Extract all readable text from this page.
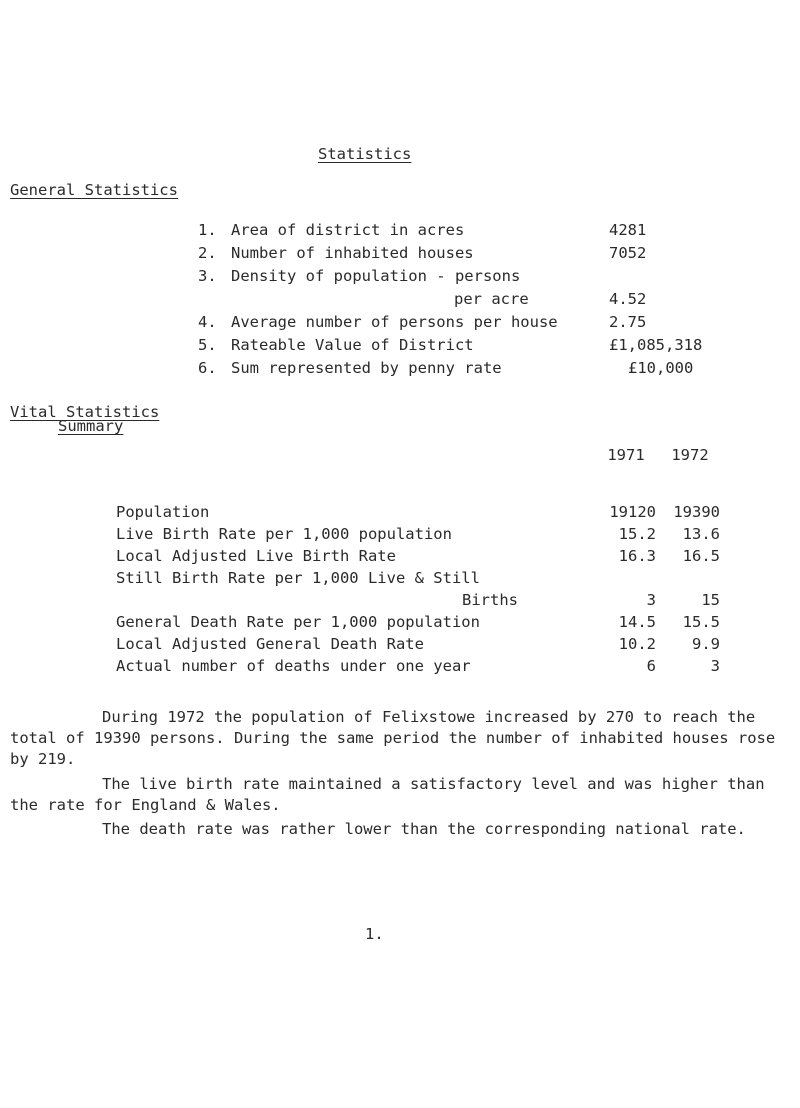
Statistics
General Statistics
1. Area of district in acres	4281
2. Number of inhabited houses	7052
3. Density of population - persons
per acre	4.52
4. Average number of persons per house	2.75
5. Rateable Value of District	£1,085,318
6. Sum represented by penny rate	£10,000
Vital Statistics
Summary
1971	1972
Population	19120	19390
Live Birth Rate per 1,000 population	15.2	13.6
Local Adjusted Live Birth Rate	16.3	16.5
Still Birth Rate per 1,000 Live & Still
Births	3	15
General Death Rate per 1,000 population	14.5	15.5
Local Adjusted General Death Rate	10.2	9.9
Actual number of deaths under one year	6	3
During 1972 the population of Felixstowe increased by 270 to reach the total of 19390 persons. During the same period the number of inhabited houses rose by 219.
The live birth rate maintained a satisfactory level and was higher than the rate for England & Wales.
The death rate was rather lower than the corresponding national rate.
1.
